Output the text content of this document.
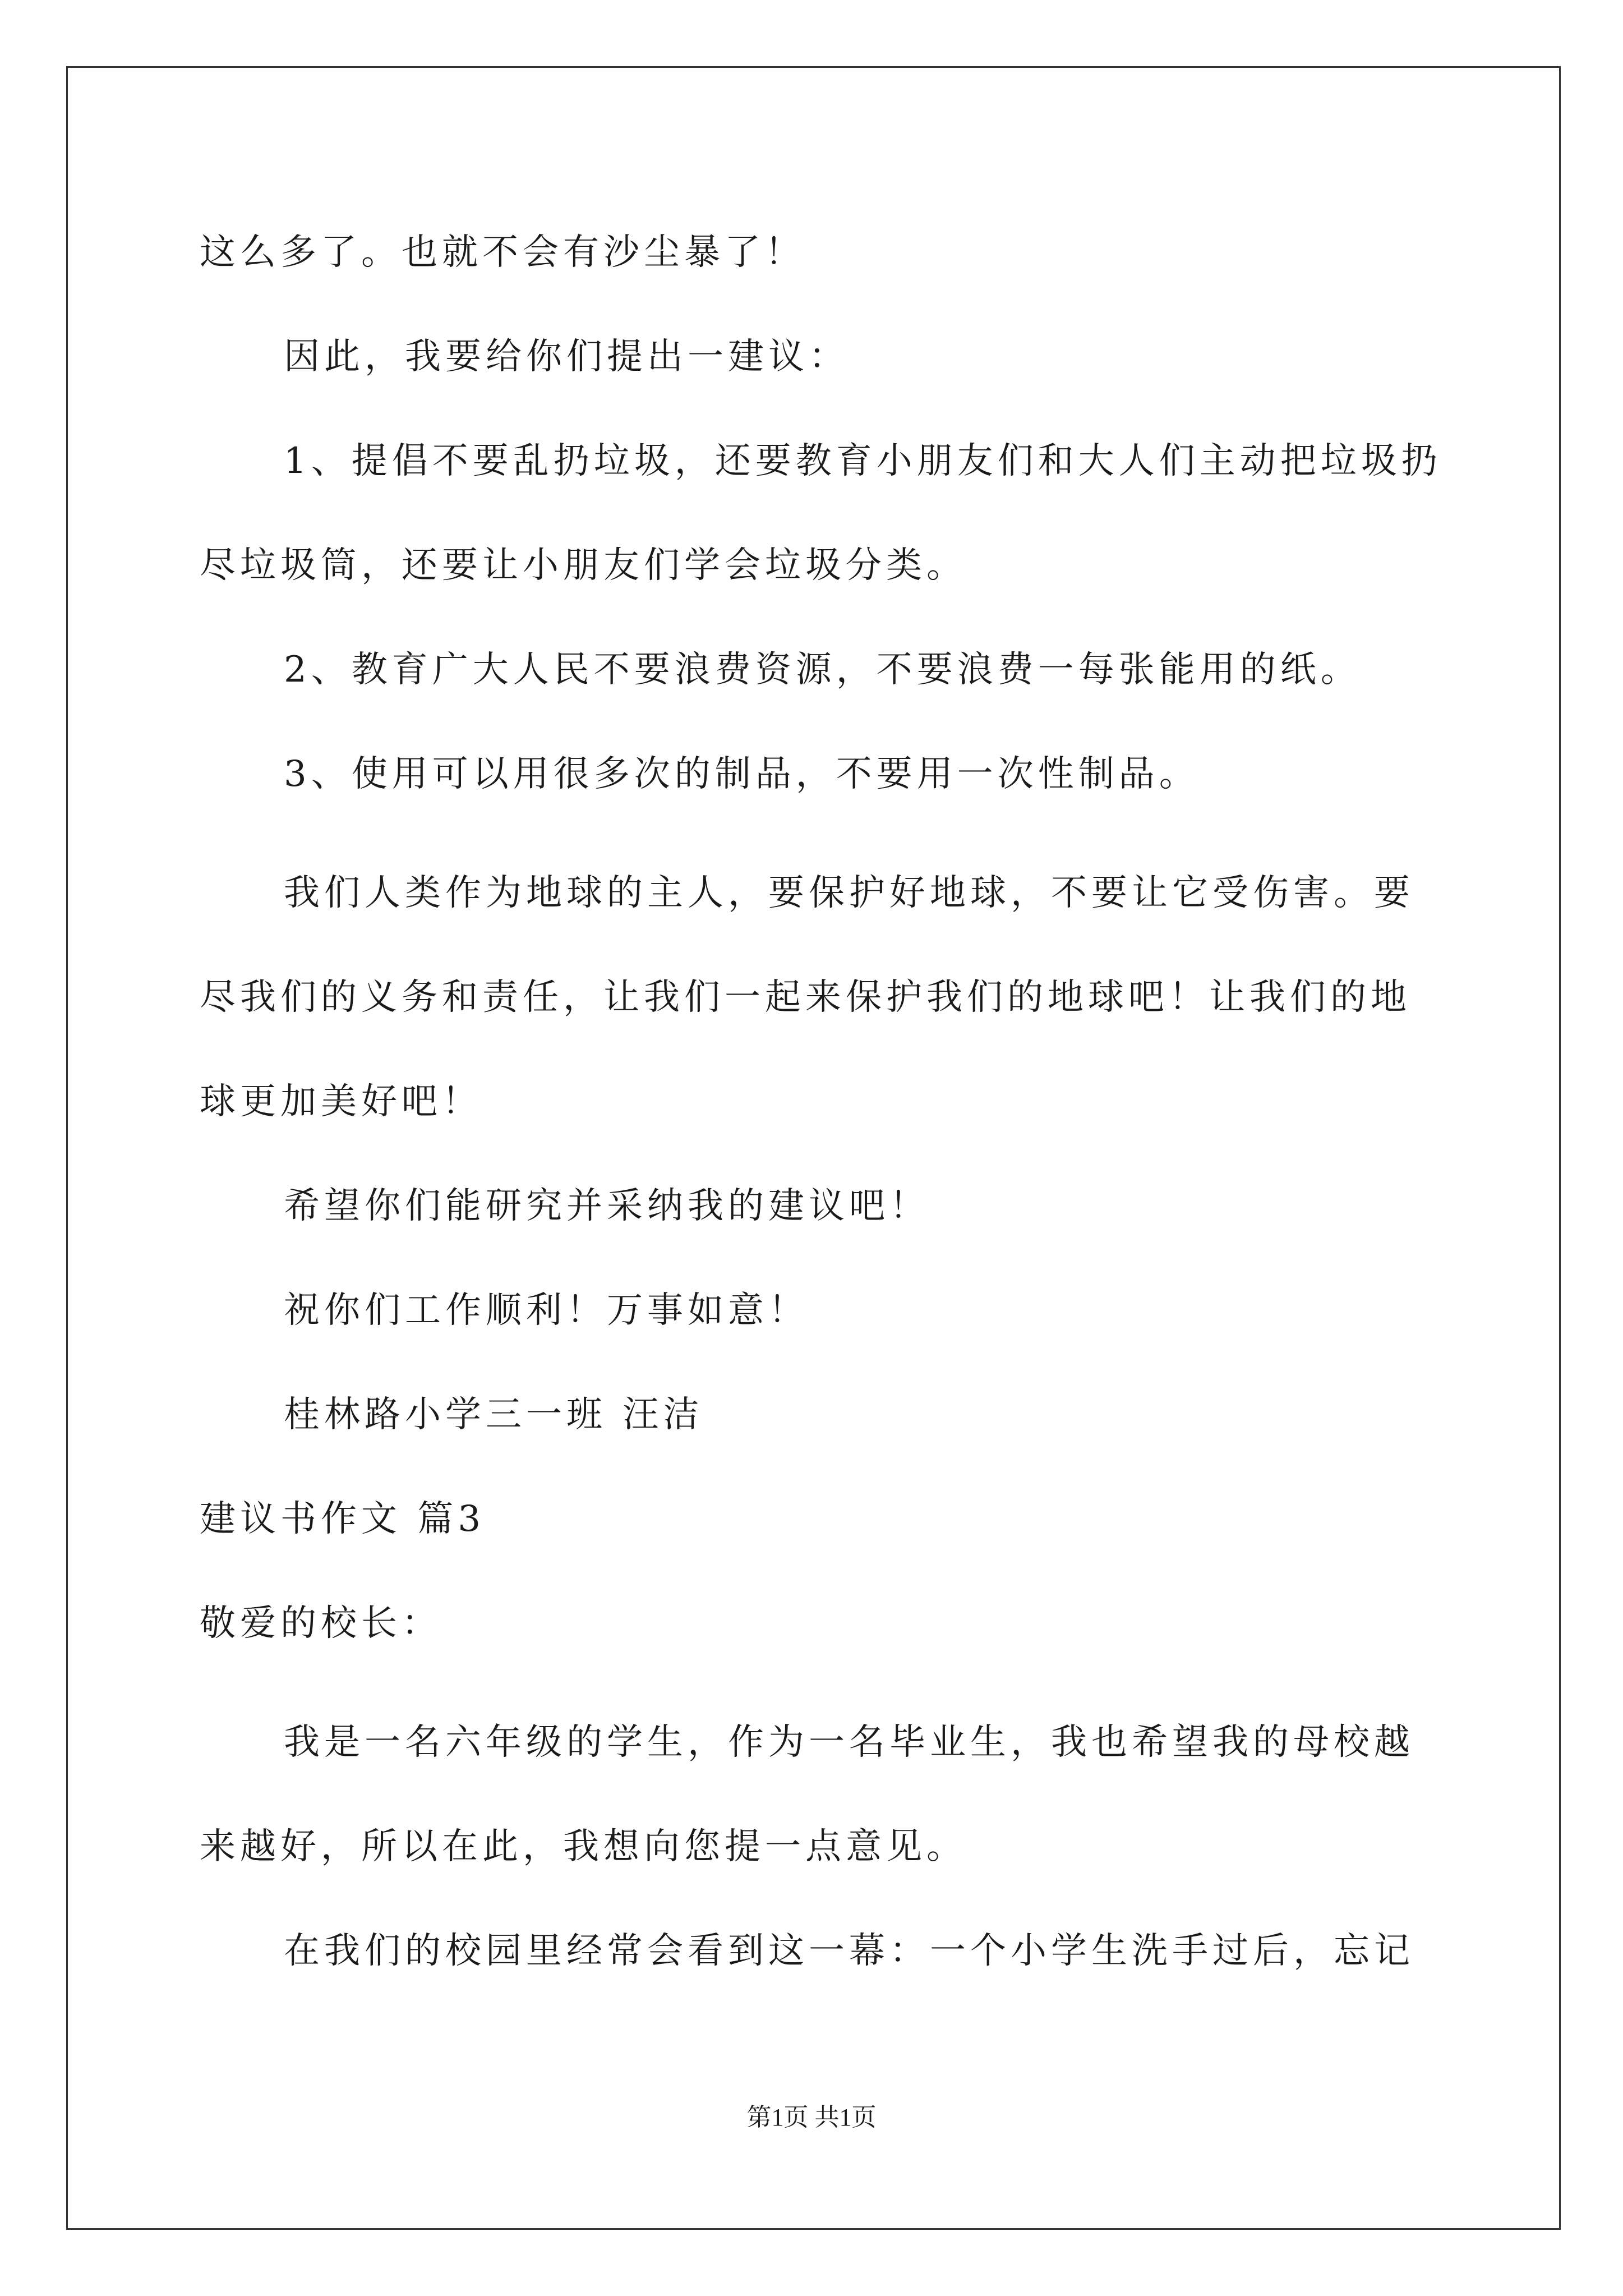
这么多了。也就不会有沙尘暴了！
因此，我要给你们提出一建议：
1、提倡不要乱扔垃圾，还要教育小朋友们和大人们主动把垃圾扔
尽垃圾筒，还要让小朋友们学会垃圾分类。
2、教育广大人民不要浪费资源，不要浪费一每张能用的纸。
3、使用可以用很多次的制品，不要用一次性制品。
我们人类作为地球的主人，要保护好地球，不要让它受伤害。要
尽我们的义务和责任，让我们一起来保护我们的地球吧！让我们的地
球更加美好吧！
希望你们能研究并采纳我的建议吧！
祝你们工作顺利！万事如意！
桂林路小学三一班 汪洁
建议书作文 篇3
敬爱的校长：
我是一名六年级的学生，作为一名毕业生，我也希望我的母校越
来越好，所以在此，我想向您提一点意见。
在我们的校园里经常会看到这一幕：一个小学生洗手过后，忘记
第1页 共1页
